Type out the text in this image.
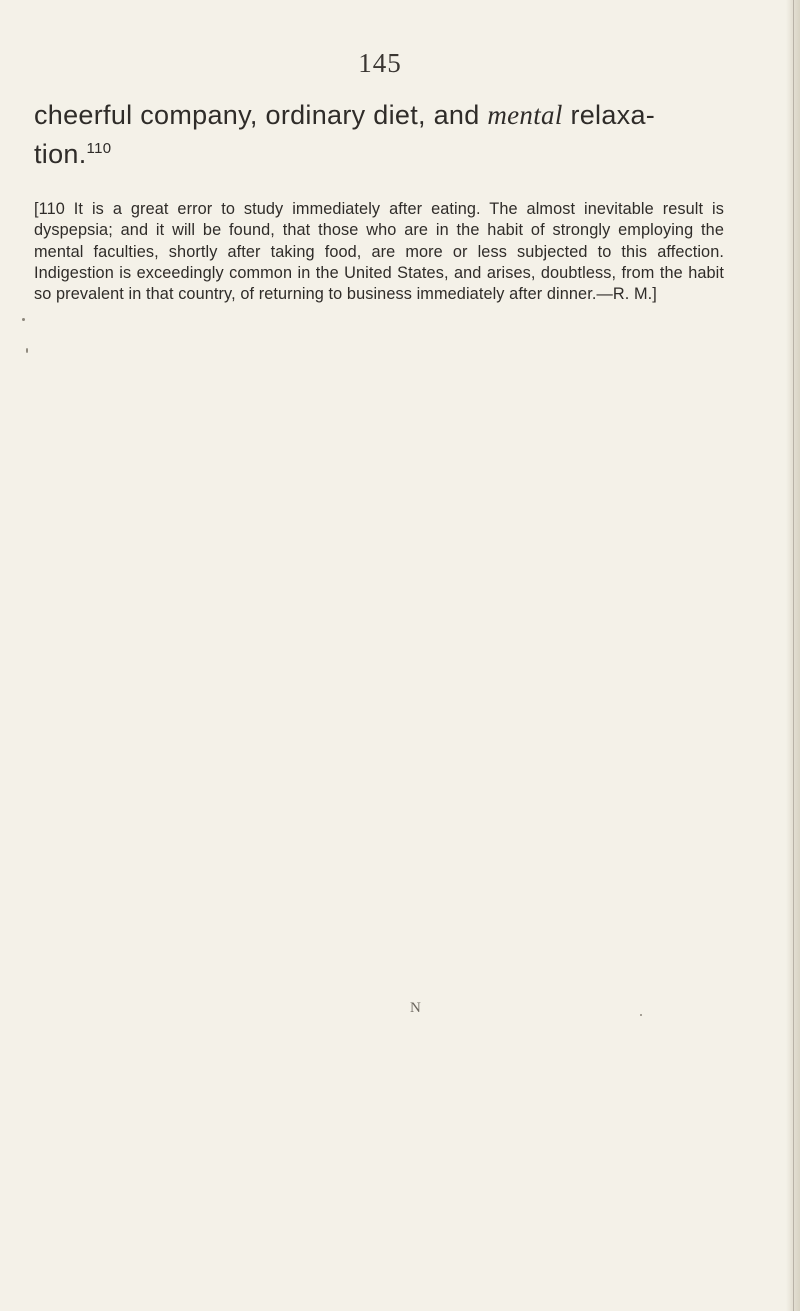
145
cheerful company, ordinary diet, and mental relaxa- tion.$^{110}$
[110 It is a great error to study immediately after eating. The almost inevitable result is dyspepsia; and it will be found, that those who are in the habit of strongly employing the mental faculties, shortly after taking food, are more or less subjected to this affection. Indigestion is exceedingly common in the United States, and arises, doubtless, from the habit so prevalent in that country, of returning to business immediately after dinner.—R. M.]
N
